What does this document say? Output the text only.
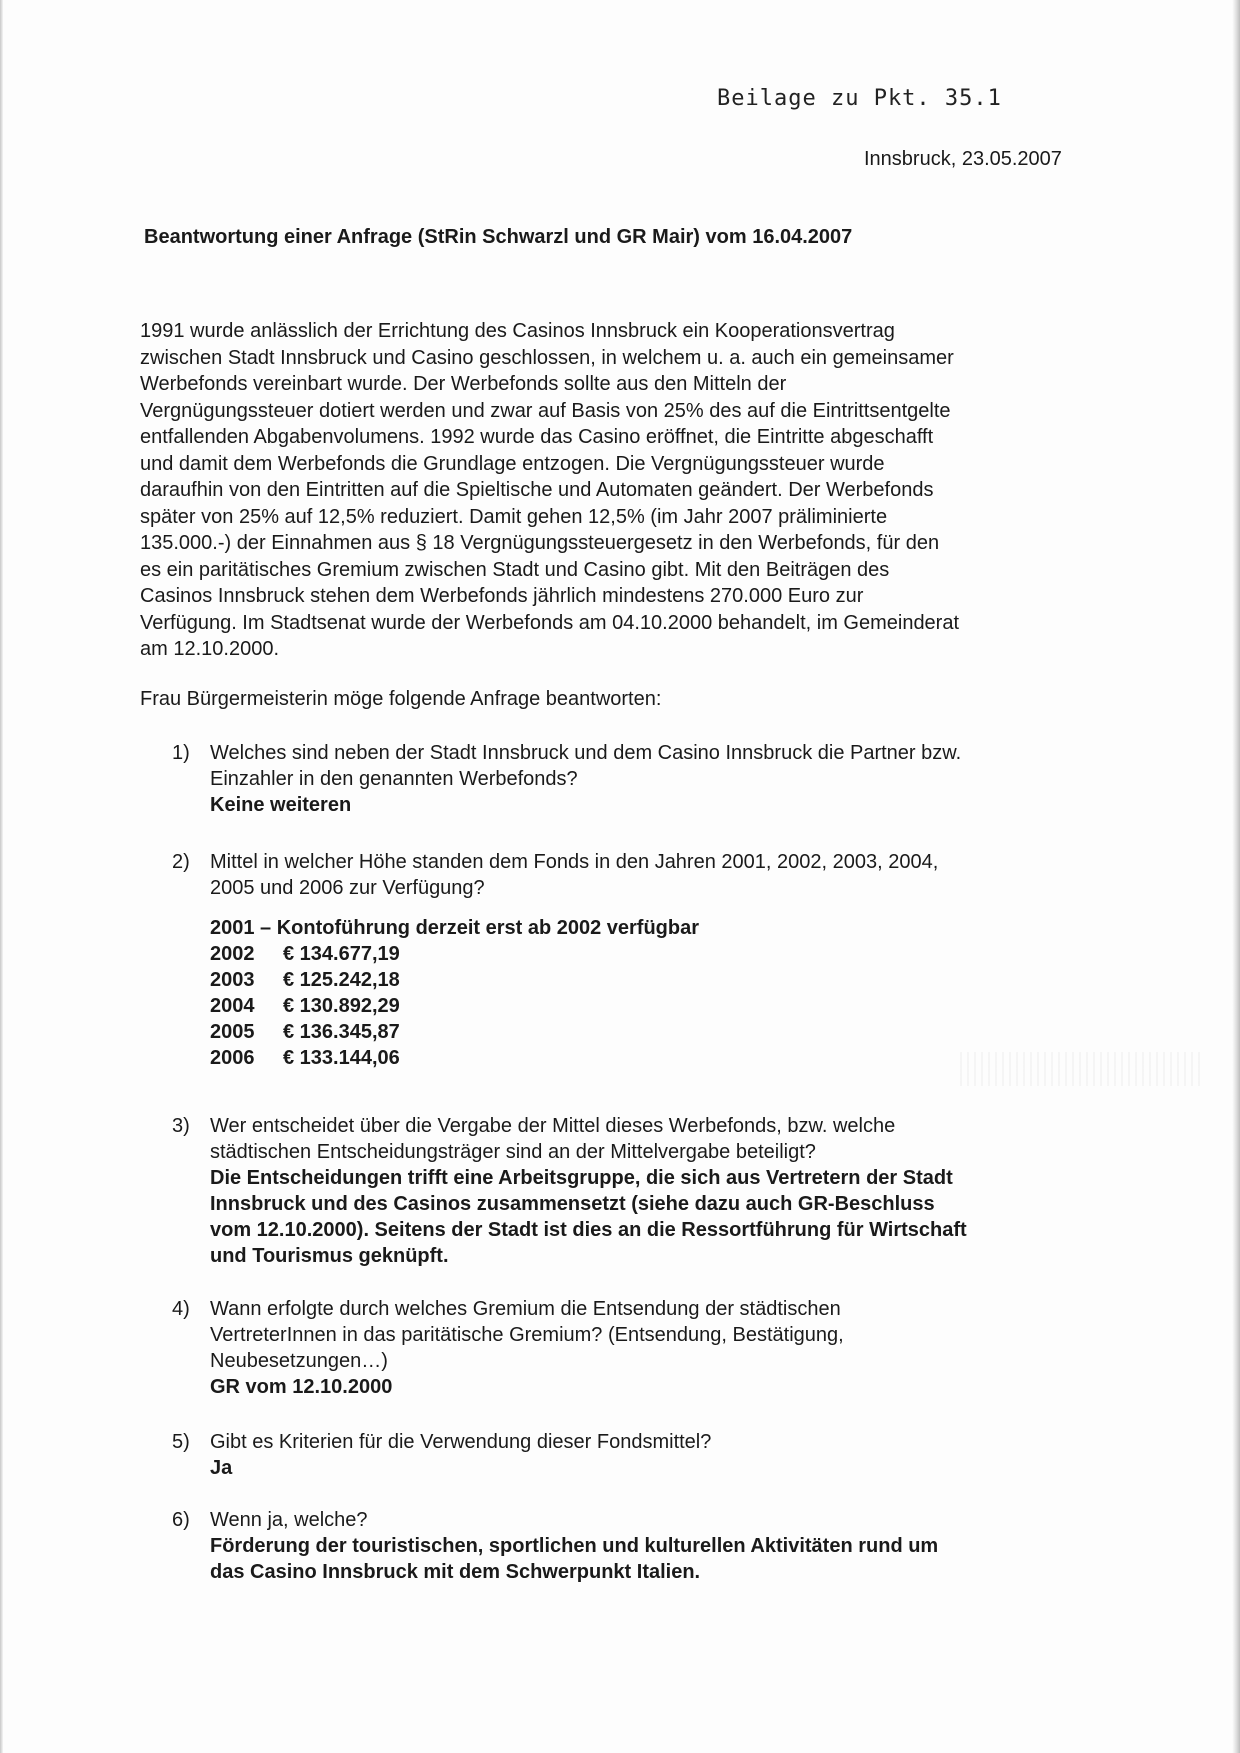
Beilage zu Pkt. 35.1
Innsbruck, 23.05.2007
Beantwortung einer Anfrage (StRin Schwarzl und GR Mair) vom 16.04.2007
1991 wurde anlässlich der Errichtung des Casinos Innsbruck ein Kooperationsvertrag
zwischen Stadt Innsbruck und Casino geschlossen, in welchem u. a. auch ein gemeinsamer
Werbefonds vereinbart wurde. Der Werbefonds sollte aus den Mitteln der
Vergnügungssteuer dotiert werden und zwar auf Basis von 25% des auf die Eintrittsentgelte
entfallenden Abgabenvolumens. 1992 wurde das Casino eröffnet, die Eintritte abgeschafft
und damit dem Werbefonds die Grundlage entzogen. Die Vergnügungssteuer wurde
daraufhin von den Eintritten auf die Spieltische und Automaten geändert. Der Werbefonds
später von 25% auf 12,5% reduziert. Damit gehen 12,5% (im Jahr 2007 präliminierte
135.000.-) der Einnahmen aus § 18 Vergnügungssteuergesetz in den Werbefonds, für den
es ein paritätisches Gremium zwischen Stadt und Casino gibt. Mit den Beiträgen des
Casinos Innsbruck stehen dem Werbefonds jährlich mindestens 270.000 Euro zur
Verfügung. Im Stadtsenat wurde der Werbefonds am 04.10.2000 behandelt, im Gemeinderat
am 12.10.2000.
Frau Bürgermeisterin möge folgende Anfrage beantworten:
1) Welches sind neben der Stadt Innsbruck und dem Casino Innsbruck die Partner bzw.
Einzahler in den genannten Werbefonds?
Keine weiteren
2) Mittel in welcher Höhe standen dem Fonds in den Jahren 2001, 2002, 2003, 2004,
2005 und 2006 zur Verfügung?
2001 – Kontoführung derzeit erst ab 2002 verfügbar
2002 € 134.677,19
2003 € 125.242,18
2004 € 130.892,29
2005 € 136.345,87
2006 € 133.144,06
3) Wer entscheidet über die Vergabe der Mittel dieses Werbefonds, bzw. welche
städtischen Entscheidungsträger sind an der Mittelvergabe beteiligt?
Die Entscheidungen trifft eine Arbeitsgruppe, die sich aus Vertretern der Stadt
Innsbruck und des Casinos zusammensetzt (siehe dazu auch GR-Beschluss
vom 12.10.2000). Seitens der Stadt ist dies an die Ressortführung für Wirtschaft
und Tourismus geknüpft.
4) Wann erfolgte durch welches Gremium die Entsendung der städtischen
VertreterInnen in das paritätische Gremium? (Entsendung, Bestätigung,
Neubesetzungen…)
GR vom 12.10.2000
5) Gibt es Kriterien für die Verwendung dieser Fondsmittel?
Ja
6) Wenn ja, welche?
Förderung der touristischen, sportlichen und kulturellen Aktivitäten rund um
das Casino Innsbruck mit dem Schwerpunkt Italien.
